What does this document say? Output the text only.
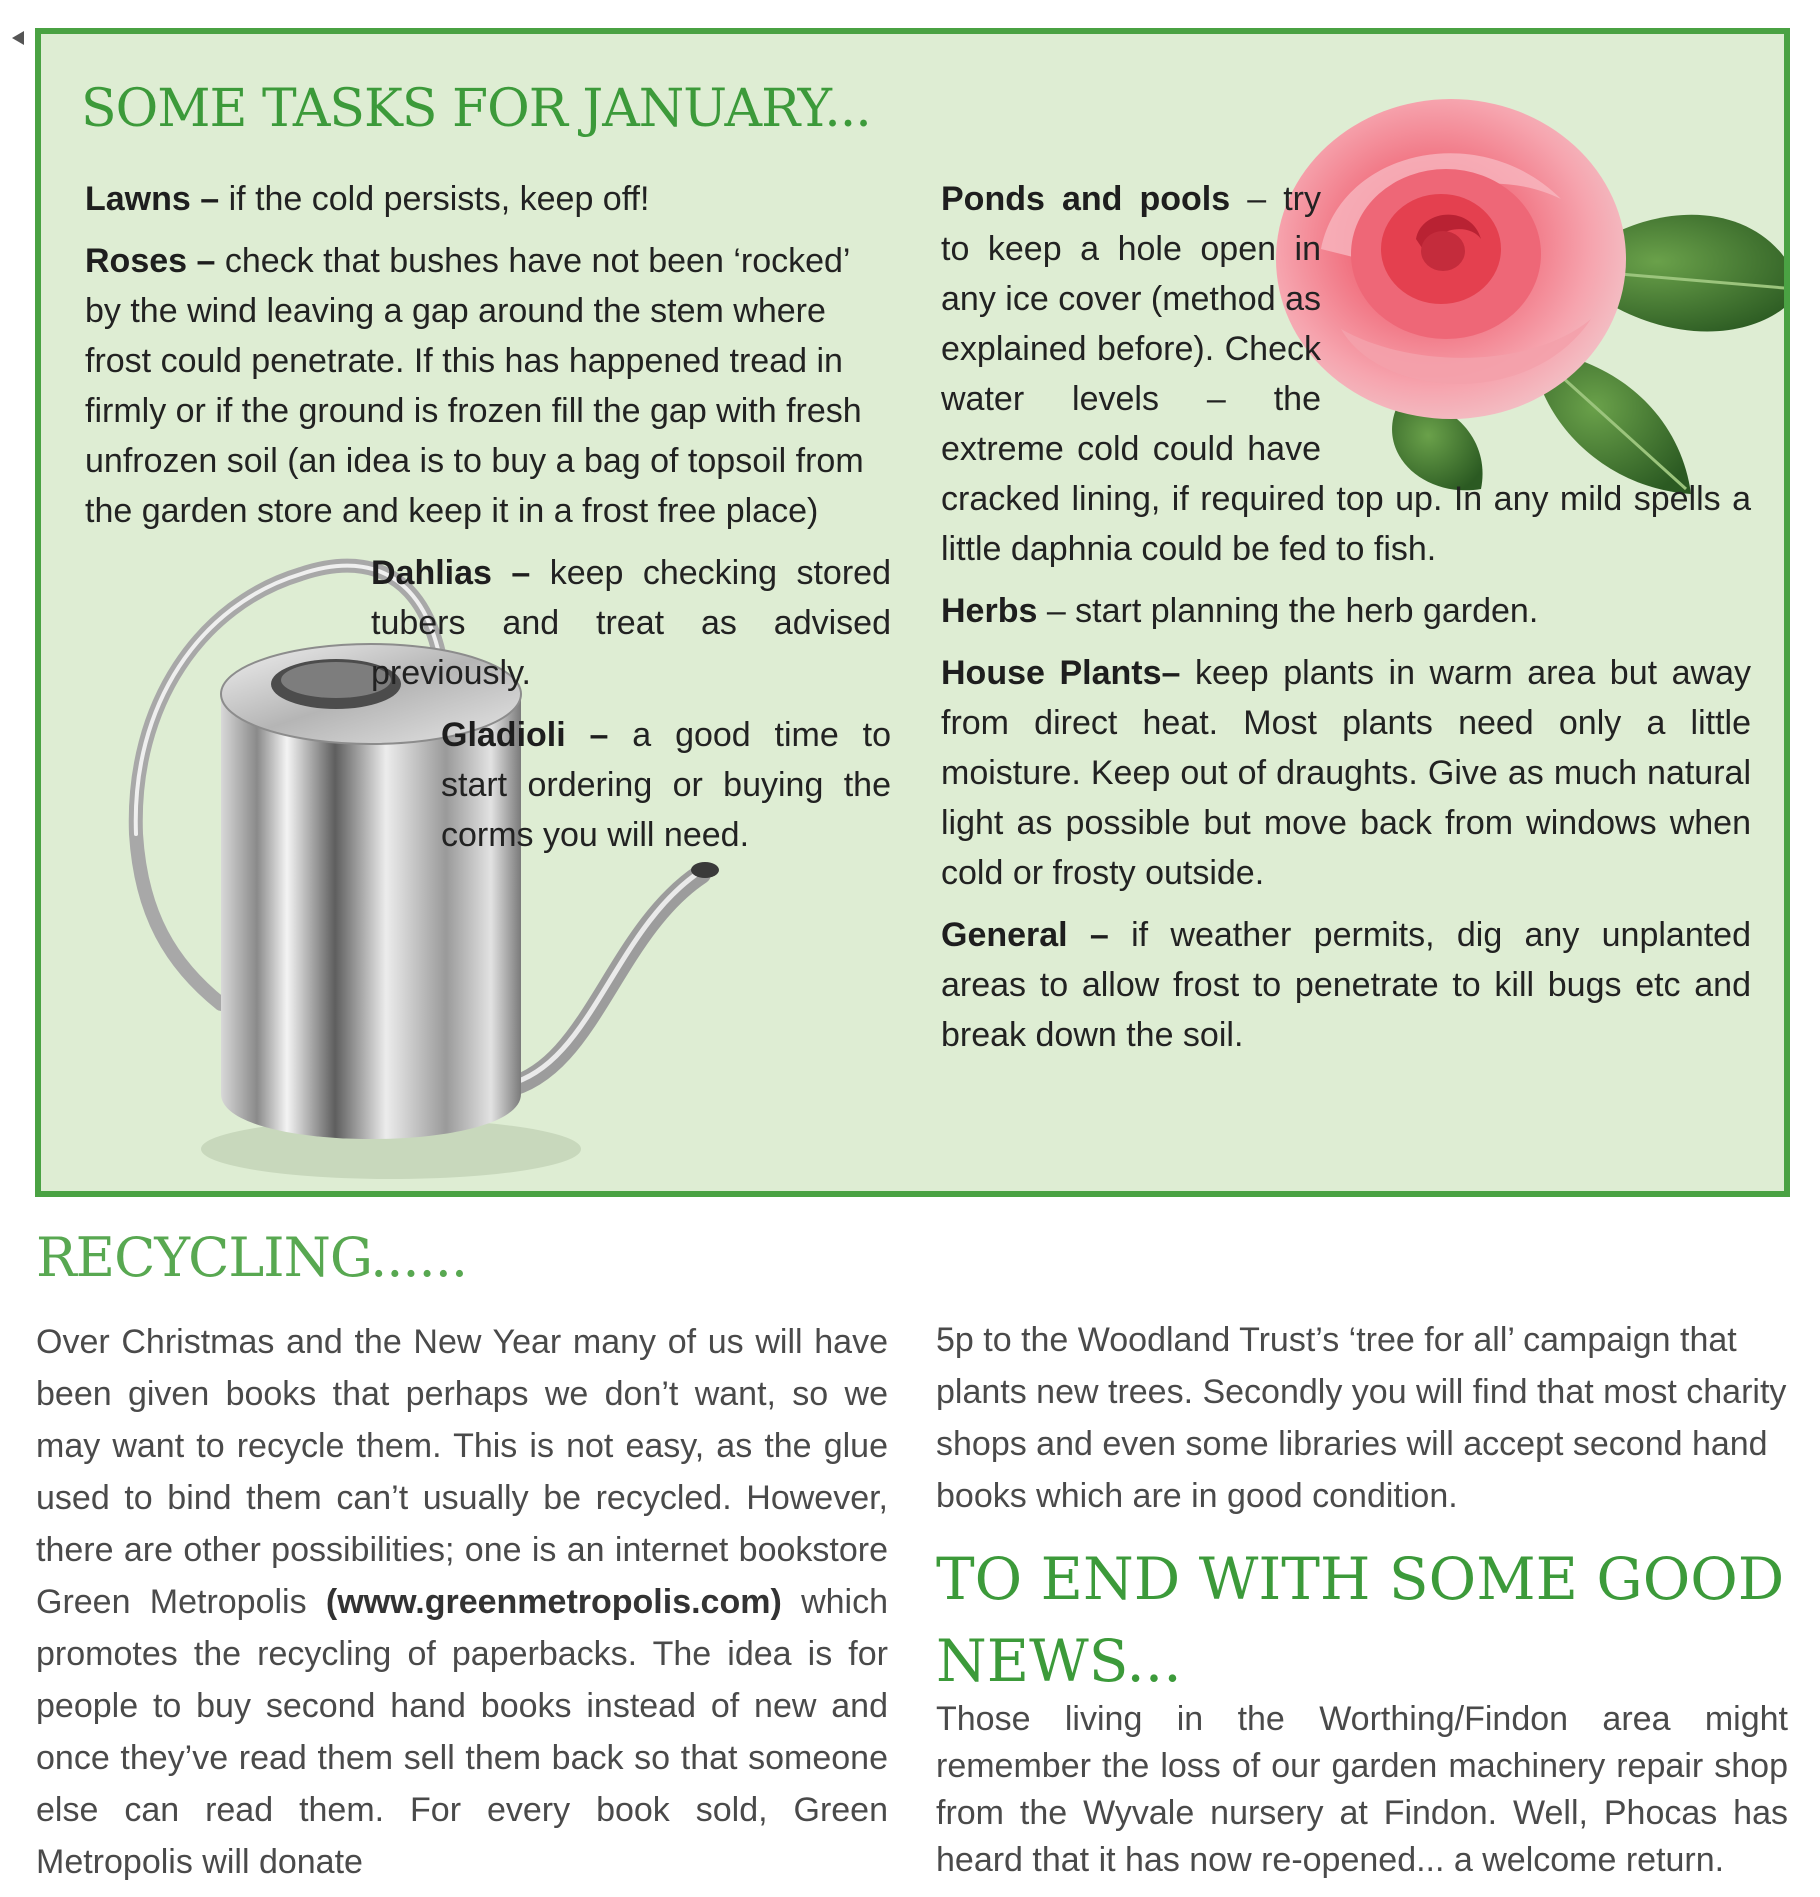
SOME TASKS FOR JANUARY...

Lawns – if the cold persists, keep off!

Roses – check that bushes have not been ‘rocked’ by the wind leaving a gap around the stem where frost could penetrate. If this has happened tread in firmly or if the ground is frozen fill the gap with fresh unfrozen soil (an idea is to buy a bag of topsoil from the garden store and keep it in a frost free place)

Dahlias – keep checking stored tubers and treat as advised previously.

Gladioli – a good time to start ordering or buying the corms you will need.

Ponds and pools – try to keep a hole open in any ice cover (method as explained before). Check water levels – the extreme cold could have cracked lining, if required top up. In any mild spells a little daphnia could be fed to fish.

Herbs – start planning the herb garden.

House Plants– keep plants in warm area but away from direct heat. Most plants need only a little moisture. Keep out of draughts. Give as much natural light as possible but move back from windows when cold or frosty outside.

General – if weather permits, dig any unplanted areas to allow frost to penetrate to kill bugs etc and break down the soil.

RECYCLING......

Over Christmas and the New Year many of us will have been given books that perhaps we don’t want, so we may want to recycle them. This is not easy, as the glue used to bind them can’t usually be recycled. However, there are other possibilities; one is an internet bookstore Green Metropolis (www.greenmetropolis.com) which promotes the recycling of paperbacks. The idea is for people to buy second hand books instead of new and once they’ve read them sell them back so that someone else can read them. For every book sold, Green Metropolis will donate

5p to the Woodland Trust’s ‘tree for all’ campaign that plants new trees. Secondly you will find that most charity shops and even some libraries will accept second hand books which are in good condition.

TO END WITH SOME GOOD NEWS...

Those living in the Worthing/Findon area might remember the loss of our garden machinery repair shop from the Wyvale nursery at Findon. Well, Phocas has heard that it has now re-opened... a welcome return.
